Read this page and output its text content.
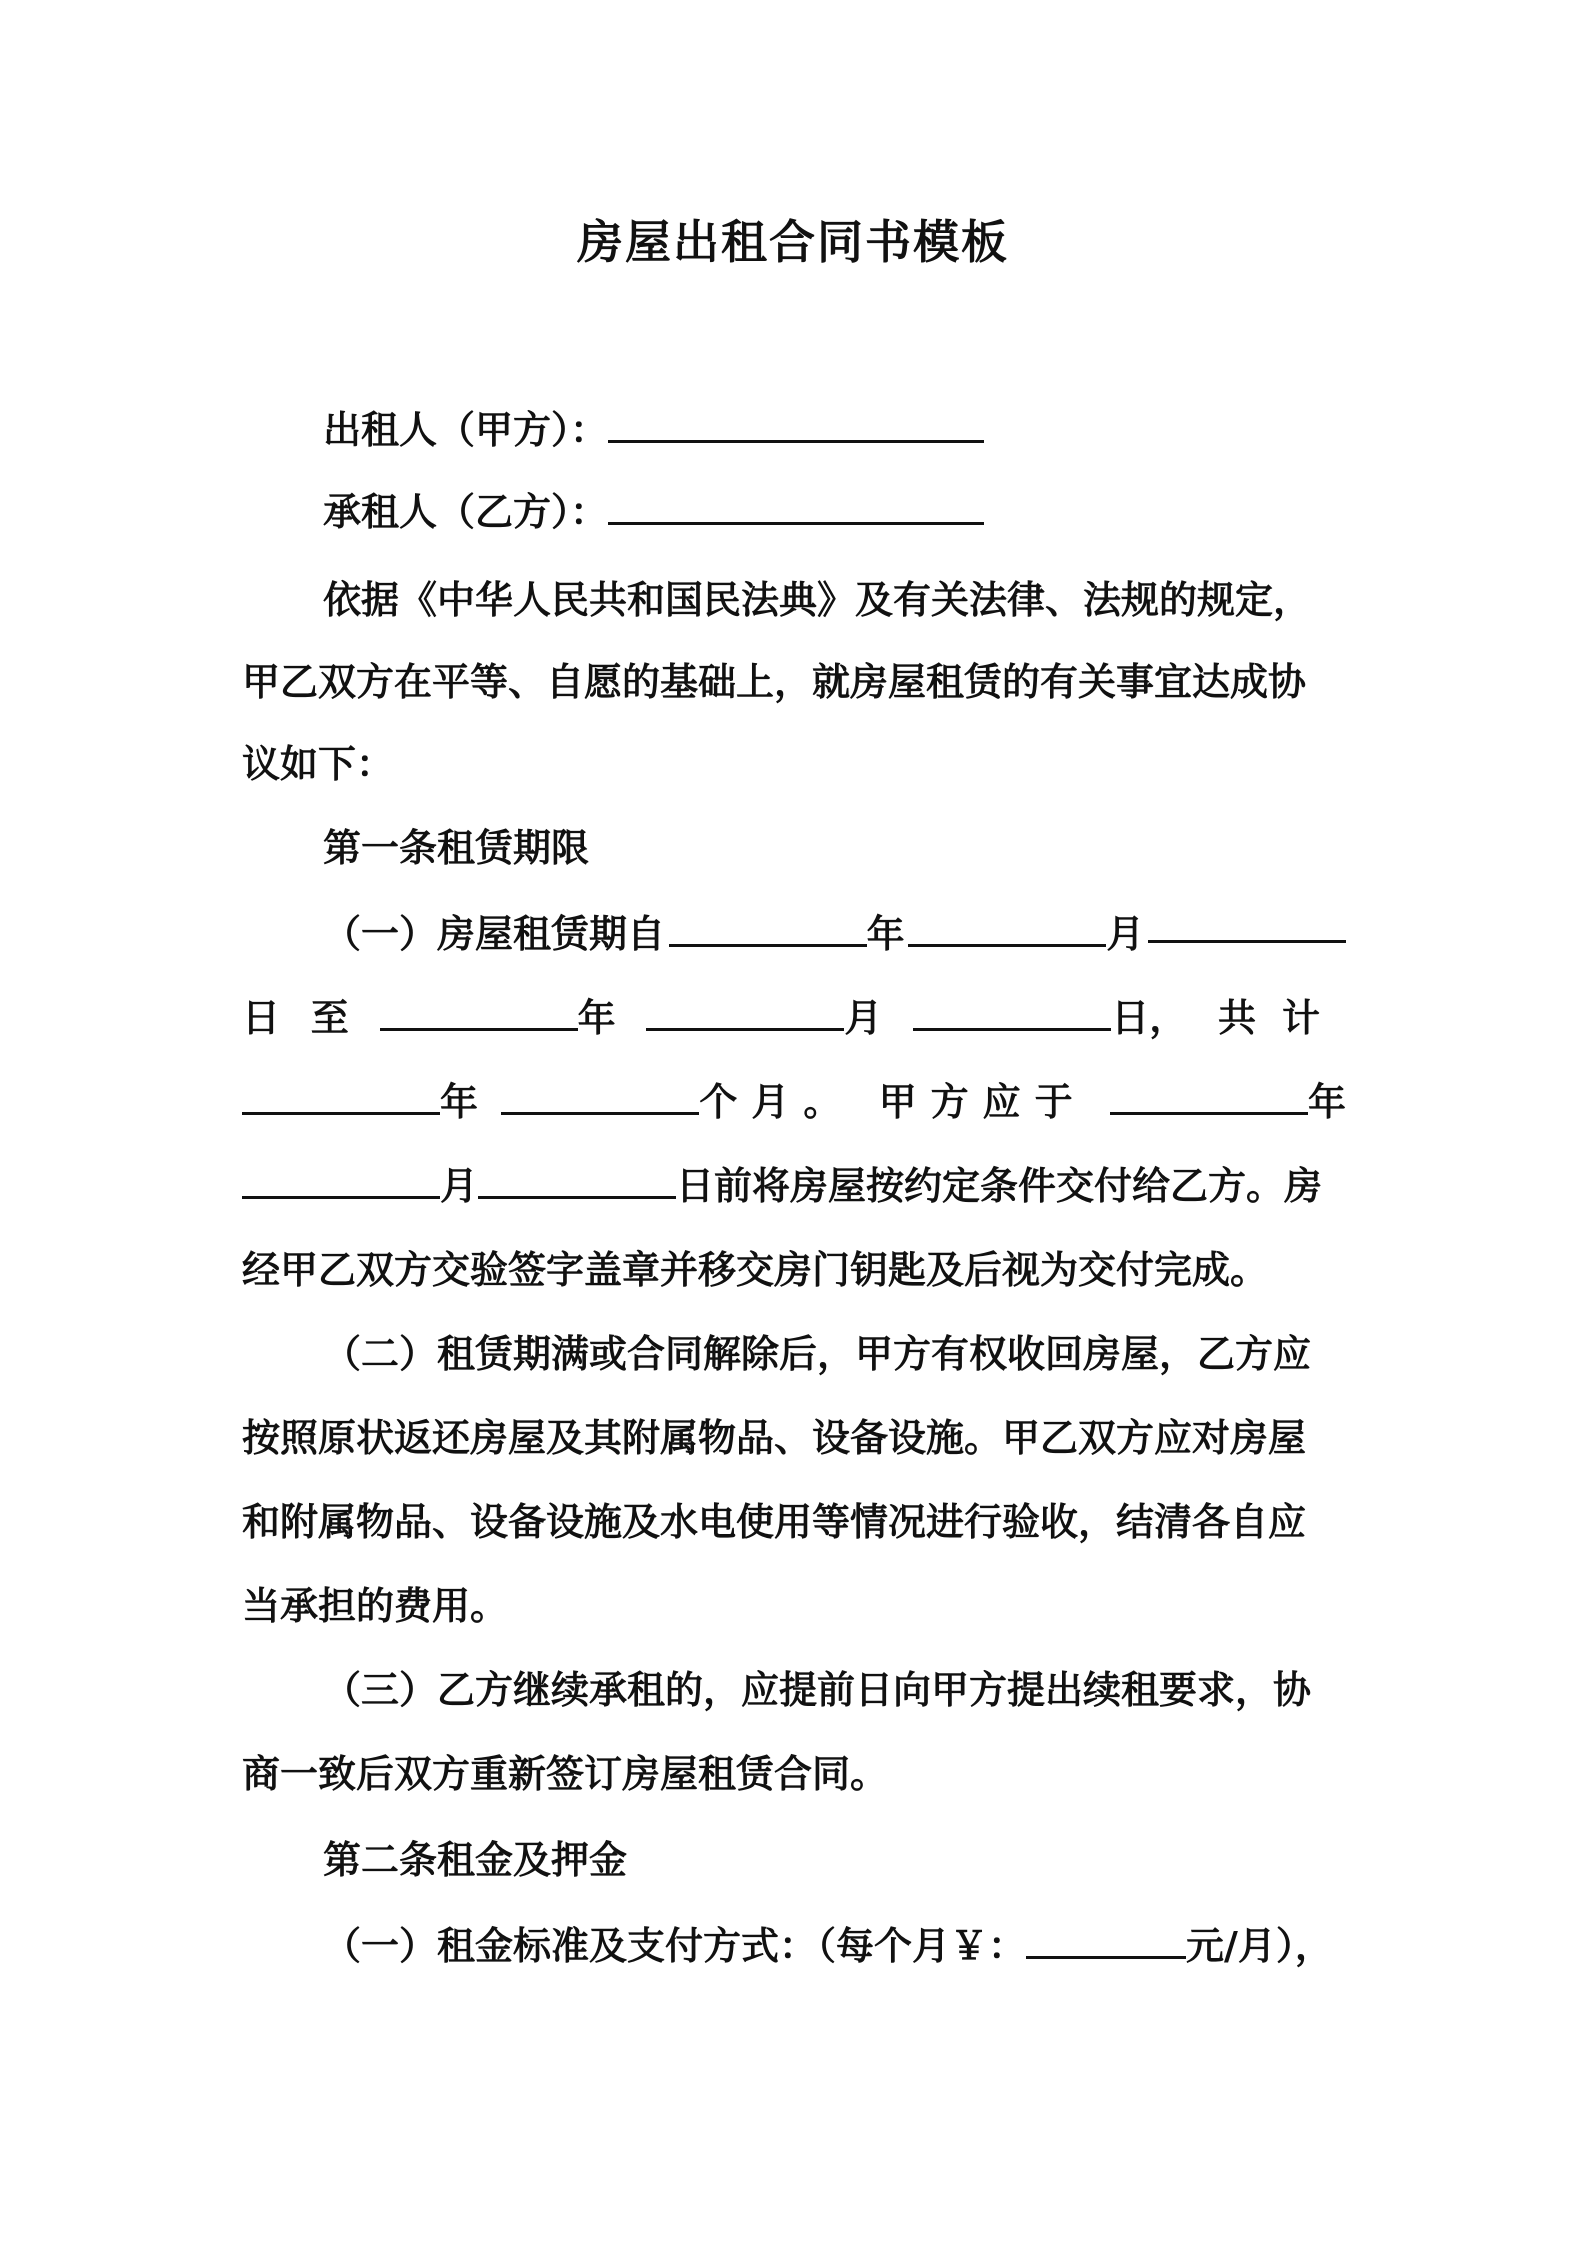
房屋出租合同书模板
出租人（甲方）：
承租人（乙方）：
依据《中华人民共和国民法典》及有关法律、法规的规定，
甲乙双方在平等、自愿的基础上，就房屋租赁的有关事宜达成协
议如下：
第一条租赁期限
（一）房屋租赁期自	年	月
日 至	年	月	日， 共计
年	个月。 甲方应于	年
月	日前将房屋按约定条件交付给乙方。房
经甲乙双方交验签字盖章并移交房门钥匙及后视为交付完成。
（二）租赁期满或合同解除后，甲方有权收回房屋，乙方应
按照原状返还房屋及其附属物品、设备设施。甲乙双方应对房屋
和附属物品、设备设施及水电使用等情况进行验收，结清各自应
当承担的费用。
（三）乙方继续承租的，应提前日向甲方提出续租要求，协
商一致后双方重新签订房屋租赁合同。
第二条租金及押金
（一）租金标准及支付方式：（每个月￥：	元/月），
